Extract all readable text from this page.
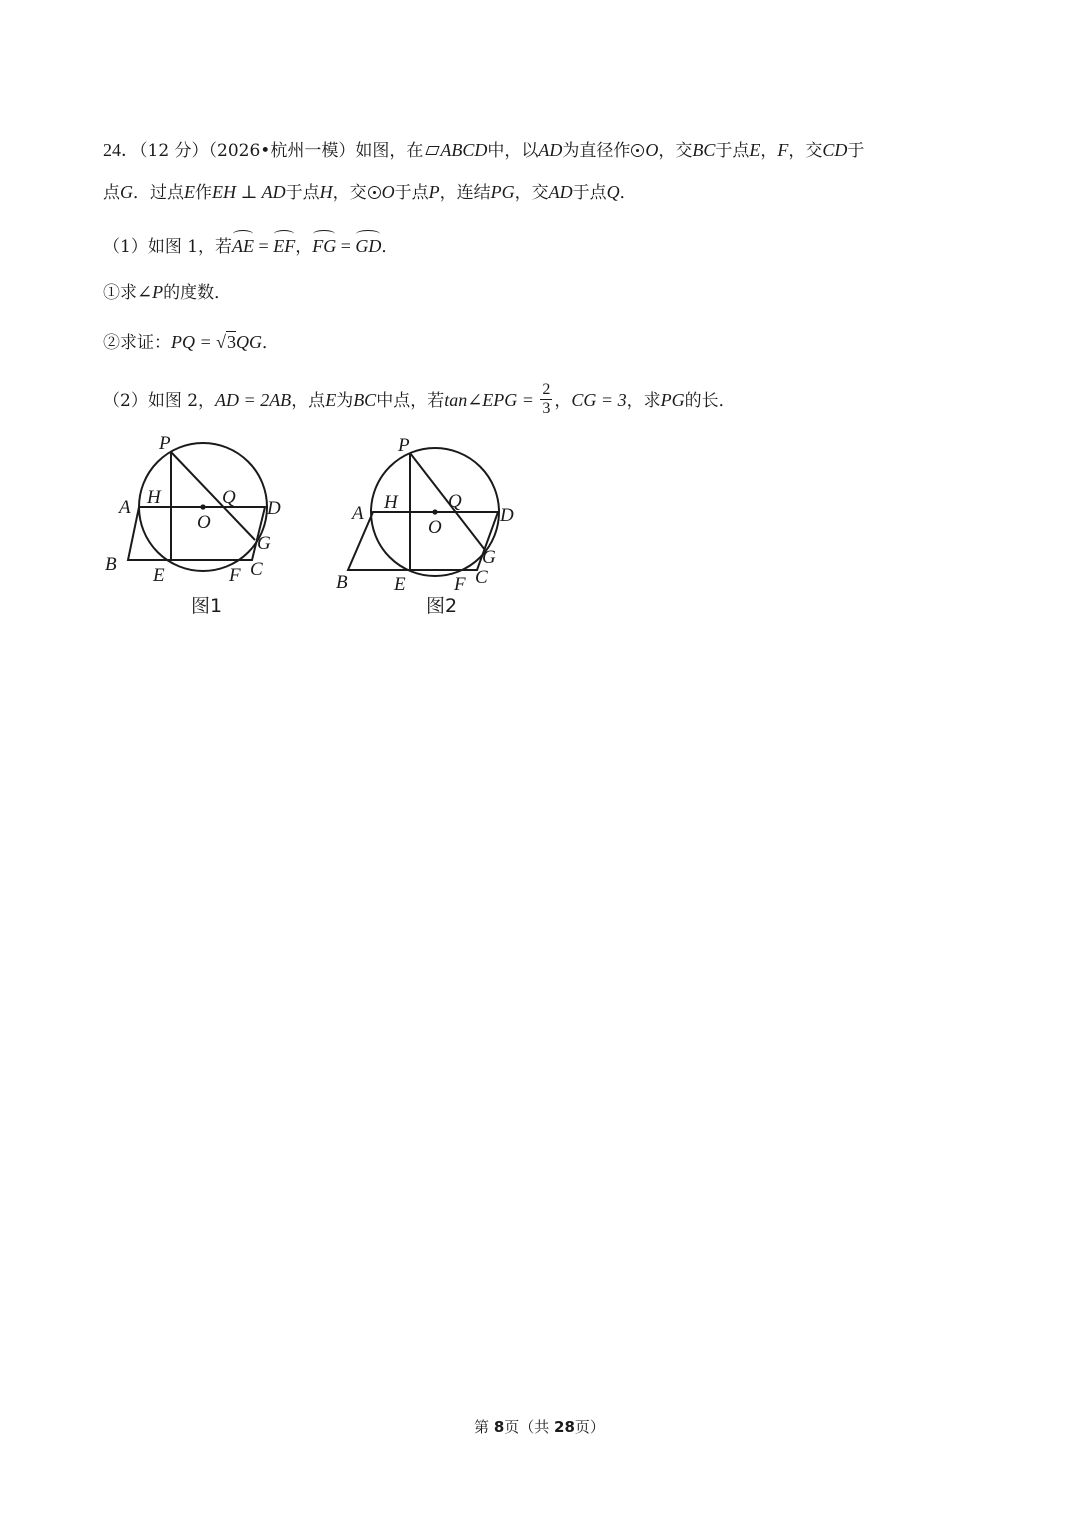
24．（12 分）（2026•杭州一模）如图，在 ABCD中，以AD为直径作 O，交BC于点E，F，交CD于
点G．过点E作EH ⊥ AD于点H，交 O于点P，连结PG，交AD于点Q．
（1）如图 1，若AE = EF，FG = GD．
①求∠P的度数．
②求证：PQ = √3QG．
（2）如图 2，AD = 2AB，点E为BC中点，若tan∠EPG = $\frac{2}{3}$ ，CG = 3，求PG的长．
P
A H	Q
O
D
G
B
E	F C
图1
P
A
H	Q
O
D
G
B E	F C
图2
第 8页（共 28页）
